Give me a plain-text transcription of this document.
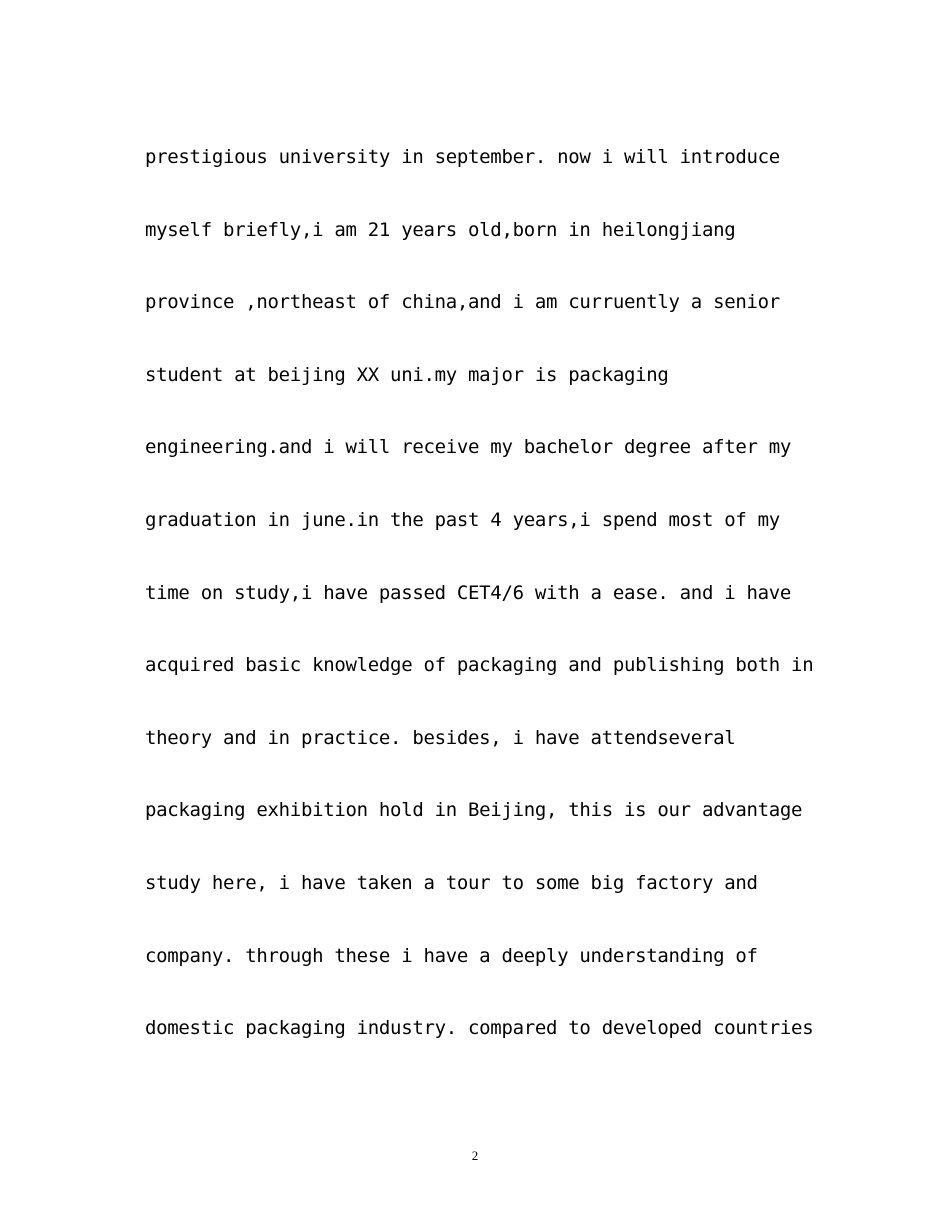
prestigious university in september. now i will introduce
myself briefly,i am 21 years old,born in heilongjiang
province ,northeast of china,and i am curruently a senior
student at beijing XX uni.my major is packaging
engineering.and i will receive my bachelor degree after my
graduation in june.in the past 4 years,i spend most of my
time on study,i have passed CET4/6 with a ease. and i have
acquired basic knowledge of packaging and publishing both in
theory and in practice. besides, i have attendseveral
packaging exhibition hold in Beijing, this is our advantage
study here, i have taken a tour to some big factory and
company. through these i have a deeply understanding of
domestic packaging industry. compared to developed countries
2
